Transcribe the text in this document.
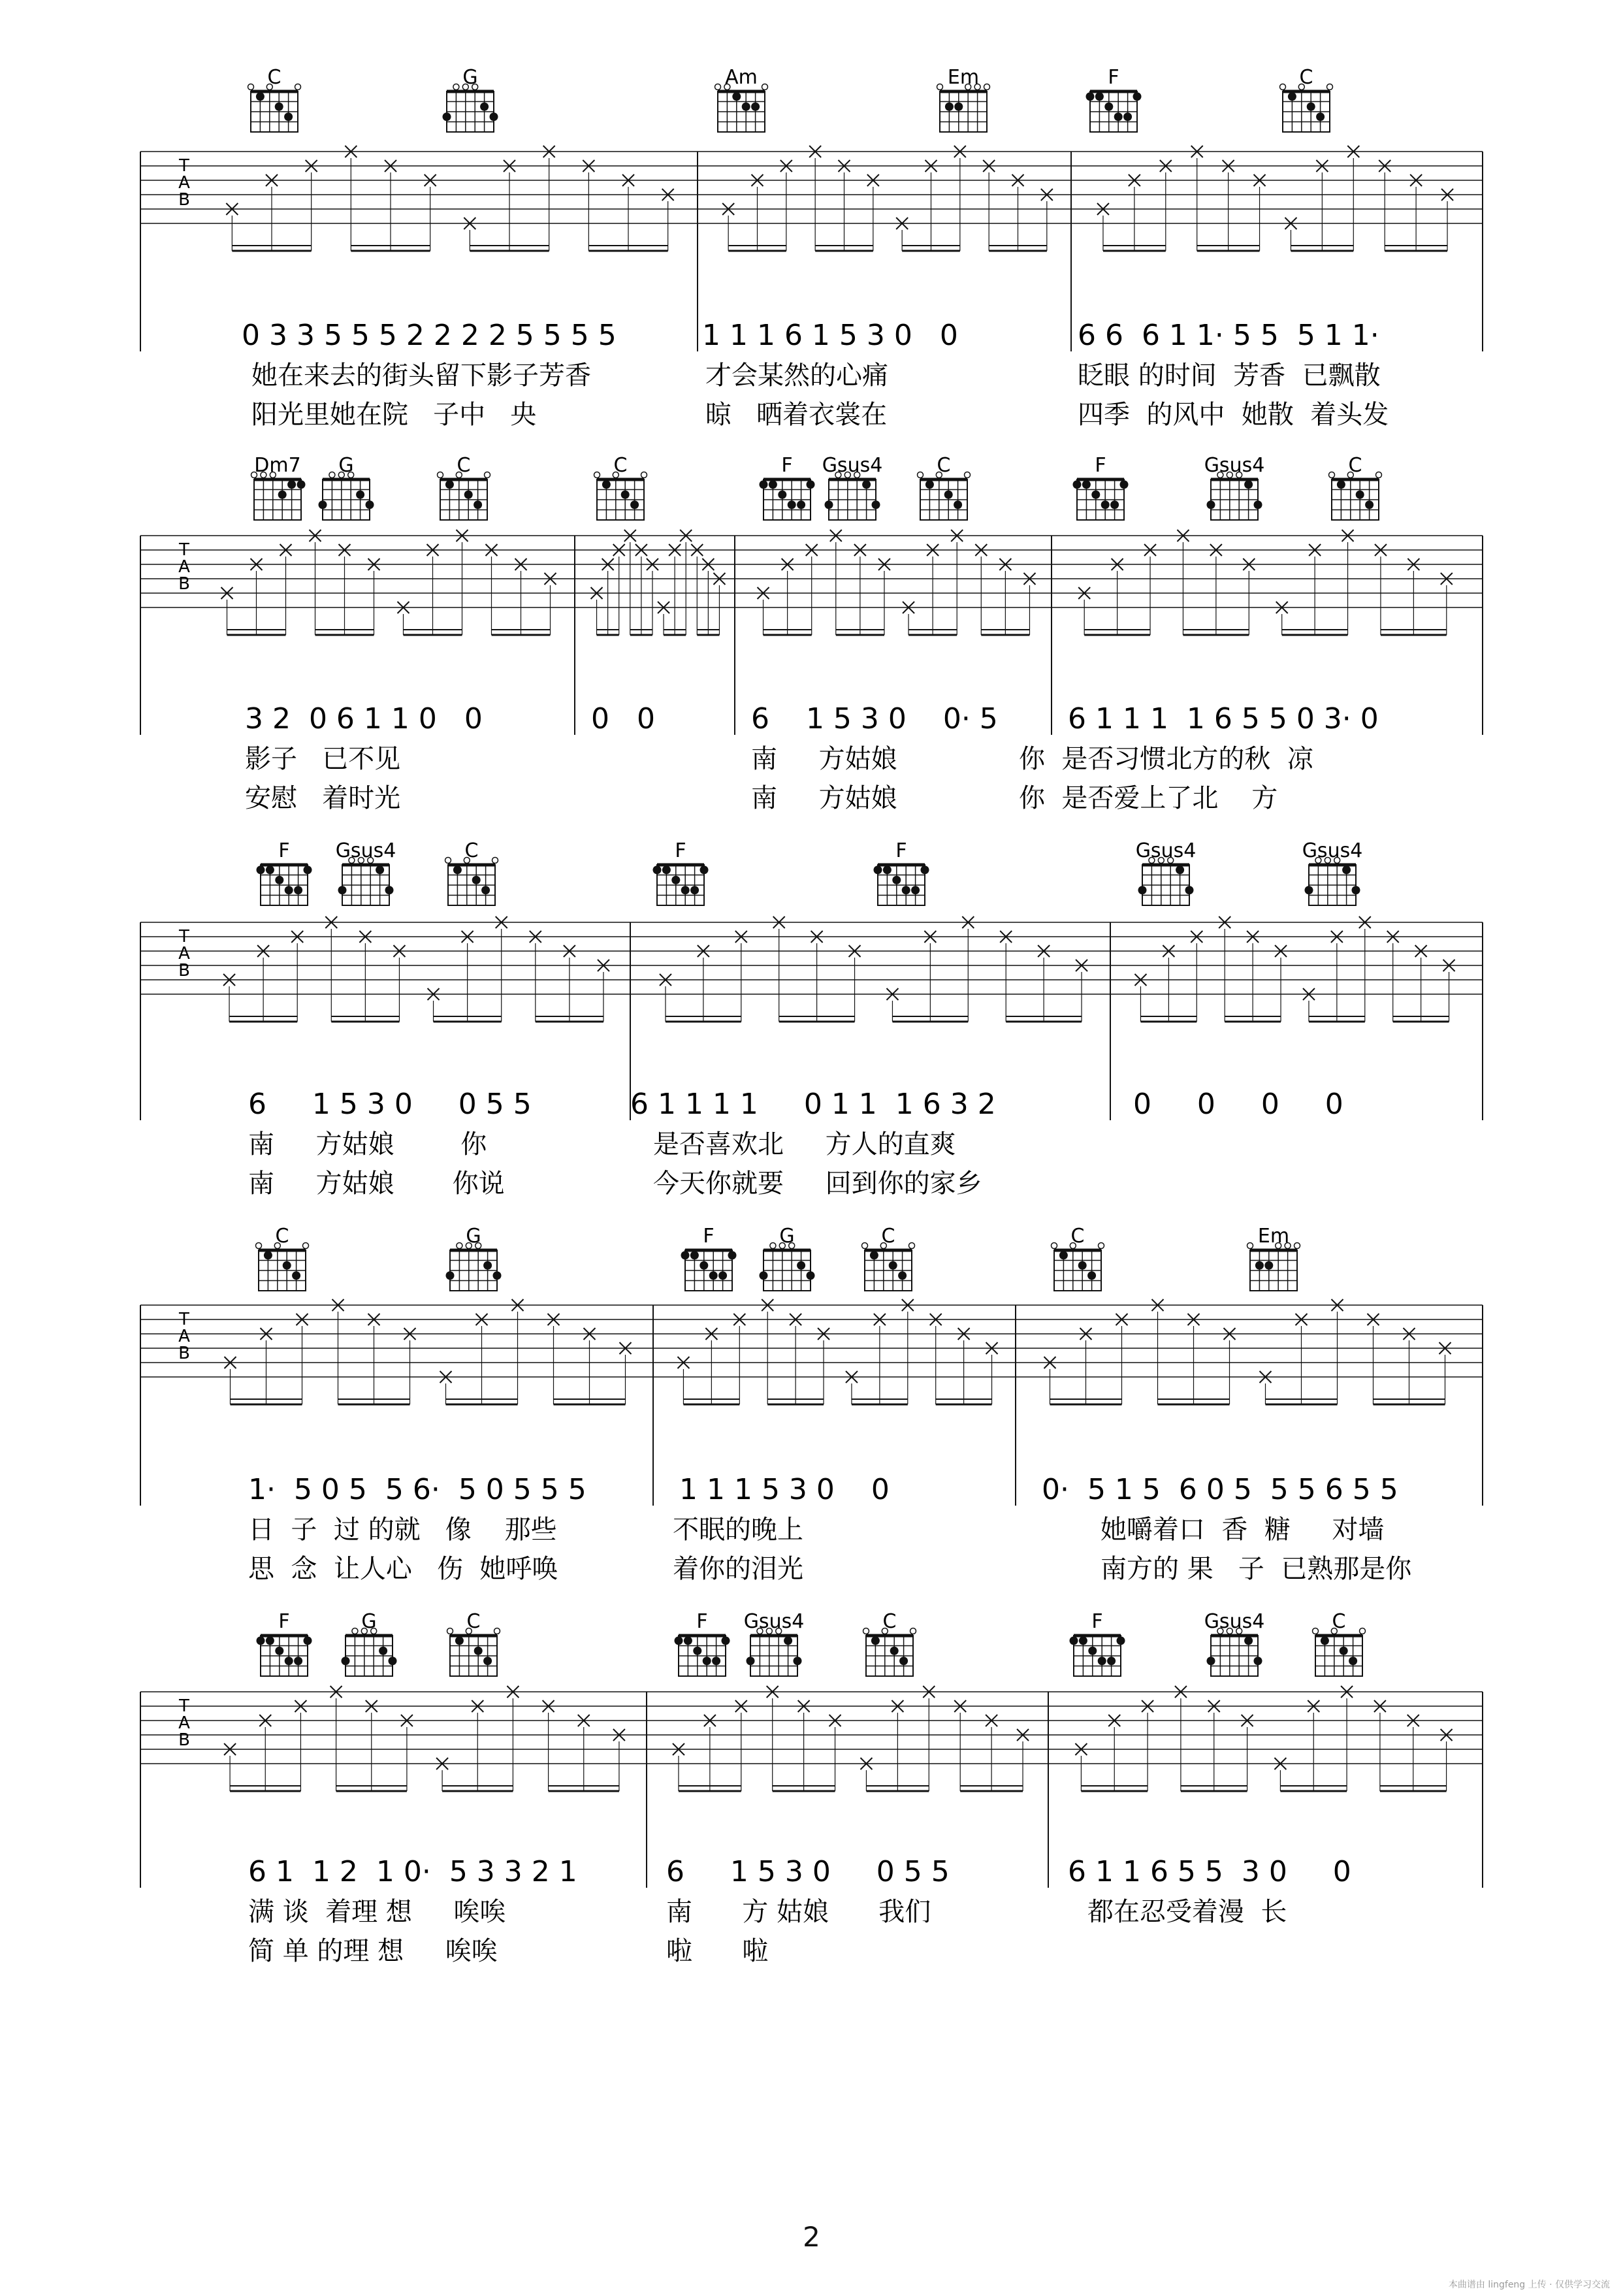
C	G	Am	Em	F	C
T
A
B
0 3 3 5 5 5 2 2 2 2 5 5 5 5	1 1 1 6 1 5 3 0   0	6 6  6 1 1· 5 5  5 1 1·
她在来去的街头留下影子芳香	才会某然的心痛	眨眼 的时间  芳香  已飘散
阳光里她在院   子中   央	晾   晒着衣裳在	四季  的风中  她散  着头发
Dm7 G	C	C	F Gsus4	C	F	Gsus4	C
T
A
B
3 2  0 6 1 1 0   0	0   0	6    1 5 3 0    0· 5 6 1 1 1  1 6 5 5 0 3· 0
影子   已不见	南     方姑娘	你  是否习惯北方的秋  凉
安慰   着时光	南     方姑娘	你  是否爱上了北    方
F Gsus4	C	F	F	Gsus4	Gsus4
T
A
B
6     1 5 3 0     0 5 5	6 1 1 1 1     0 1 1  1 6 3 2	0     0     0     0
南     方姑娘        你	是否喜欢北     方人的直爽
南     方姑娘       你说	今天你就要     回到你的家乡
C	G	F	G	C	C	Em
T
A
B
1·  5 0 5  5 6·  5 0 5 5 5	1 1 1 5 3 0    0	0·  5 1 5  6 0 5  5 5 6 5 5
日  子  过 的就   像    那些	不眠的晚上	她嚼着口  香  糖     对墙
思  念  让人心   伤  她呼唤	着你的泪光	南方的 果   子  已熟那是你
F	G	C	F Gsus4	C	F	Gsus4	C
T
A
B
6 1  1 2  1 0·  5 3 3 2 1	6     1 5 3 0     0 5 5	6 1 1 6 5 5  3 0     0
满 谈  着理 想     唉唉	南      方 姑娘      我们	都在忍受着漫  长
简 单 的理 想     唉唉	啦      啦
2
本曲谱由 lingfeng 上传 · 仅供学习交流
